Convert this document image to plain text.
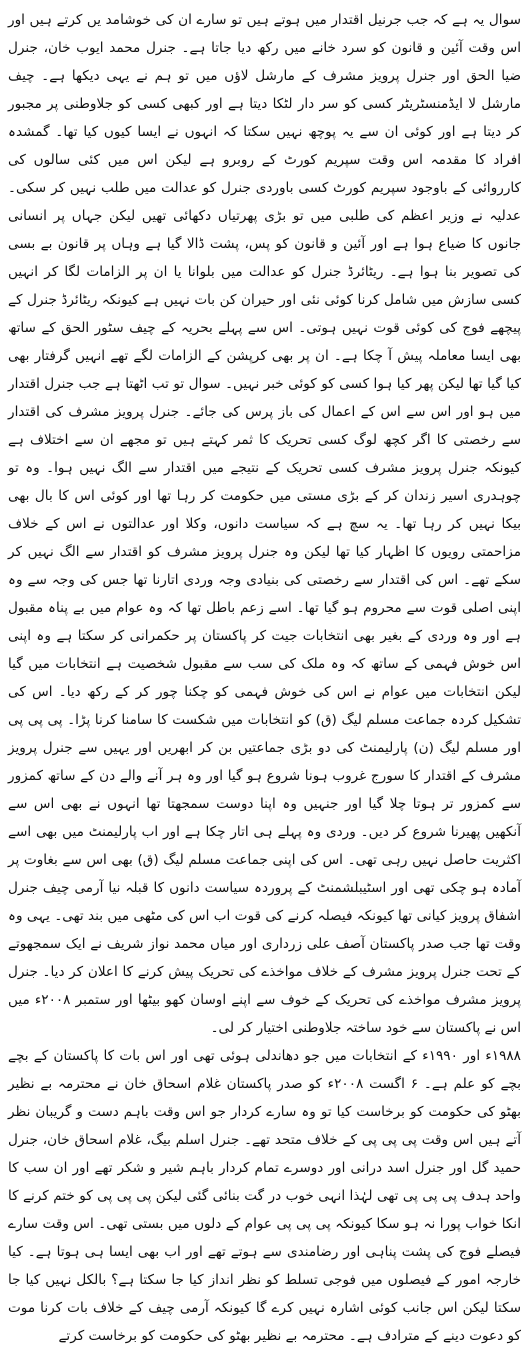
سوال یہ ہے کہ جب جرنیل اقتدار میں ہوتے ہیں تو سارے ان کی خوشامد یں کرتے ہیں اور اس وقت آئین و قانون کو سرد خانے میں رکھ دیا جاتا ہے۔ جنرل محمد ایوب خان، جنرل ضیا الحق اور جنرل پرویز مشرف کے مارشل لاؤں میں تو ہم نے یہی دیکھا ہے۔ چیف مارشل لا ایڈمنسٹریٹر کسی کو سر دار لٹکا دیتا ہے اور کبھی کسی کو جلاوطنی پر مجبور کر دیتا ہے اور کوئی ان سے یہ پوچھ نہیں سکتا کہ انہوں نے ایسا کیوں کیا تھا۔ گمشدہ افراد کا مقدمہ اس وقت سپریم کورٹ کے روبرو ہے لیکن اس میں کئی سالوں کی کارروائی کے باوجود سپریم کورٹ کسی باوردی جنرل کو عدالت میں طلب نہیں کر سکی۔ عدلیہ نے وزیر اعظم کی طلبی میں تو بڑی پھرتیاں دکھائی تھیں لیکن جہاں پر انسانی جانوں کا ضیاع ہوا ہے اور آئین و قانون کو پس، پشت ڈالا گیا ہے وہاں پر قانون بے بسی کی تصویر بنا ہوا ہے۔ ریٹائرڈ جنرل کو عدالت میں بلوانا یا ان پر الزامات لگا کر انہیں کسی سازش میں شامل کرنا کوئی نئی اور حیران کن بات نہیں ہے کیونکہ ریٹائرڈ جنرل کے پیچھے فوج کی کوئی قوت نہیں ہوتی۔ اس سے پہلے بحریہ کے چیف سٹور الحق کے ساتھ بھی ایسا معاملہ پیش آ چکا ہے۔ ان پر بھی کرپشن کے الزامات لگے تھے انہیں گرفتار بھی کیا گیا تھا لیکن پھر کیا ہوا کسی کو کوئی خبر نہیں۔ سوال تو تب اٹھتا ہے جب جنرل اقتدار میں ہو اور اس سے اس کے اعمال کی باز پرس کی جائے۔ جنرل پرویز مشرف کی اقتدار سے رخصتی کا اگر کچھ لوگ کسی تحریک کا ثمر کہتے ہیں تو مجھے ان سے اختلاف ہے کیونکہ جنرل پرویز مشرف کسی تحریک کے نتیجے میں اقتدار سے الگ نہیں ہوا۔ وہ تو چوہدری اسیر زندان کر کے بڑی مستی میں حکومت کر رہا تھا اور کوئی اس کا بال بھی بیکا نہیں کر رہا تھا۔ یہ سچ ہے کہ سیاست دانوں، وکلا اور عدالتوں نے اس کے خلاف مزاحمتی رویوں کا اظہار کیا تھا لیکن وہ جنرل پرویز مشرف کو اقتدار سے الگ نہیں کر سکے تھے۔ اس کی اقتدار سے رخصتی کی بنیادی وجہ وردی اتارنا تھا جس کی وجہ سے وہ اپنی اصلی قوت سے محروم ہو گیا تھا۔ اسے زعم باطل تھا کہ وہ عوام میں بے پناہ مقبول ہے اور وہ وردی کے بغیر بھی انتخابات جیت کر پاکستان پر حکمرانی کر سکتا ہے وہ اپنی اس خوش فہمی کے ساتھ کہ وہ ملک کی سب سے مقبول شخصیت ہے انتخابات میں گیا لیکن انتخابات میں عوام نے اس کی خوش فہمی کو چکنا چور کر کے رکھ دیا۔ اس کی تشکیل کردہ جماعت مسلم لیگ (ق) کو انتخابات میں شکست کا سامنا کرنا پڑا۔ پی پی پی اور مسلم لیگ (ن) پارلیمنٹ کی دو بڑی جماعتیں بن کر ابھریں اور یہیں سے جنرل پرویز مشرف کے اقتدار کا سورج غروب ہونا شروع ہو گیا اور وہ ہر آنے والے دن کے ساتھ کمزور سے کمزور تر ہوتا چلا گیا اور جنہیں وہ اپنا دوست سمجھتا تھا انہوں نے بھی اس سے آنکھیں پھیرنا شروع کر دیں۔ وردی وہ پہلے ہی اتار چکا ہے اور اب پارلیمنٹ میں بھی اسے اکثریت حاصل نہیں رہی تھی۔ اس کی اپنی جماعت مسلم لیگ (ق) بھی اس سے بغاوت پر آمادہ ہو چکی تھی اور اسٹیبلشمنٹ کے پروردہ سیاست دانوں کا قبلہ نیا آرمی چیف جنرل اشفاق پرویز کیانی تھا کیونکہ فیصلہ کرنے کی قوت اب اس کی مٹھی میں بند تھی۔ یہی وہ وقت تھا جب صدر پاکستان آصف علی زرداری اور میاں محمد نواز شریف نے ایک سمجھوتے کے تحت جنرل پرویز مشرف کے خلاف مواخذے کی تحریک پیش کرنے کا اعلان کر دیا۔ جنرل پرویز مشرف مواخذے کی تحریک کے خوف سے اپنے اوسان کھو بیٹھا اور ستمبر ۲۰۰۸ء میں اس نے پاکستان سے خود ساختہ جلاوطنی اختیار کر لی۔

۱۹۸۸ء اور ۱۹۹۰ء کے انتخابات میں جو دھاندلی ہوئی تھی اور اس بات کا پاکستان کے بچے بچے کو علم ہے۔ ۶ اگست ۲۰۰۸ء کو صدر پاکستان غلام اسحاق خان نے محترمہ بے نظیر بھٹو کی حکومت کو برخاست کیا تو وہ سارے کردار جو اس وقت باہم دست و گریبان نظر آتے ہیں اس وقت پی پی پی کے خلاف متحد تھے۔ جنرل اسلم بیگ، غلام اسحاق خان، جنرل حمید گل اور جنرل اسد درانی اور دوسرے تمام کردار باہم شیر و شکر تھے اور ان سب کا واحد ہدف پی پی پی تھی لہٰذا انہی خوب در گت بنائی گئی لیکن پی پی پی کو ختم کرنے کا انکا خواب پورا نہ ہو سکا کیونکہ پی پی پی عوام کے دلوں میں بستی تھی۔ اس وقت سارے فیصلے فوج کی پشت پناہی اور رضامندی سے ہوتے تھے اور اب بھی ایسا ہی ہوتا ہے۔ کیا خارجہ امور کے فیصلوں میں فوجی تسلط کو نظر انداز کیا جا سکتا ہے؟ بالکل نہیں کیا جا سکتا لیکن اس جانب کوئی اشارہ نہیں کرے گا کیونکہ آرمی چیف کے خلاف بات کرنا موت کو دعوت دینے کے مترادف ہے۔ محترمہ بے نظیر بھٹو کی حکومت کو برخاست کرتے
